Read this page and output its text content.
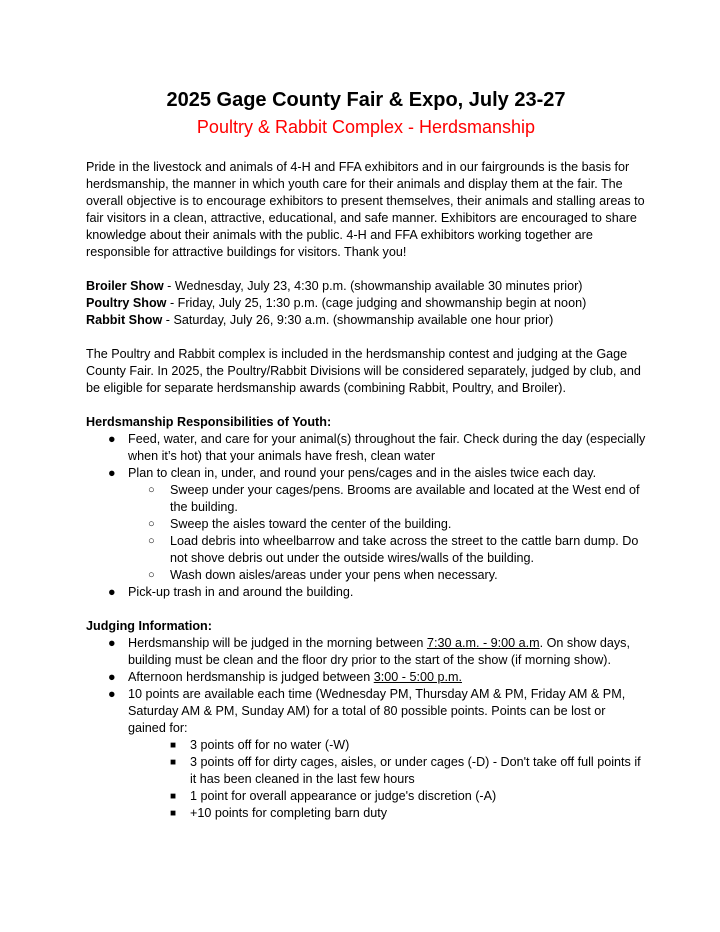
2025 Gage County Fair & Expo, July 23-27
Poultry & Rabbit Complex - Herdsmanship

Pride in the livestock and animals of 4-H and FFA exhibitors and in our fairgrounds is the basis for herdsmanship, the manner in which youth care for their animals and display them at the fair. The overall objective is to encourage exhibitors to present themselves, their animals and stalling areas to fair visitors in a clean, attractive, educational, and safe manner. Exhibitors are encouraged to share knowledge about their animals with the public. 4-H and FFA exhibitors working together are responsible for attractive buildings for visitors. Thank you!

Broiler Show - Wednesday, July 23, 4:30 p.m. (showmanship available 30 minutes prior)
Poultry Show - Friday, July 25, 1:30 p.m. (cage judging and showmanship begin at noon)
Rabbit Show - Saturday, July 26, 9:30 a.m. (showmanship available one hour prior)

The Poultry and Rabbit complex is included in the herdsmanship contest and judging at the Gage County Fair. In 2025, the Poultry/Rabbit Divisions will be considered separately, judged by club, and be eligible for separate herdsmanship awards (combining Rabbit, Poultry, and Broiler).

Herdsmanship Responsibilities of Youth:
● Feed, water, and care for your animal(s) throughout the fair. Check during the day (especially when it’s hot) that your animals have fresh, clean water
● Plan to clean in, under, and round your pens/cages and in the aisles twice each day.
○ Sweep under your cages/pens. Brooms are available and located at the West end of the building.
○ Sweep the aisles toward the center of the building.
○ Load debris into wheelbarrow and take across the street to the cattle barn dump. Do not shove debris out under the outside wires/walls of the building.
○ Wash down aisles/areas under your pens when necessary.
● Pick-up trash in and around the building.
Judging Information:
● Herdsmanship will be judged in the morning between 7:30 a.m. - 9:00 a.m. On show days, building must be clean and the floor dry prior to the start of the show (if morning show).
● Afternoon herdsmanship is judged between 3:00 - 5:00 p.m.
● 10 points are available each time (Wednesday PM, Thursday AM & PM, Friday AM & PM, Saturday AM & PM, Sunday AM) for a total of 80 possible points. Points can be lost or gained for:
■ 3 points off for no water (-W)
■ 3 points off for dirty cages, aisles, or under cages (-D) - Don't take off full points if it has been cleaned in the last few hours
■ 1 point for overall appearance or judge's discretion (-A)
■ +10 points for completing barn duty
